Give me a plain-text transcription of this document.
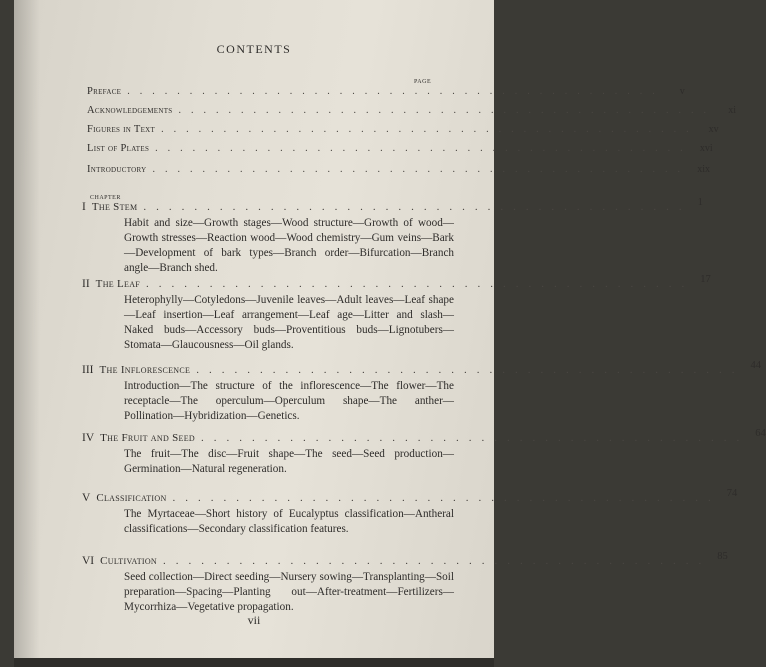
CONTENTS
PAGE
Preface ...........................................	v
Acknowledgements ...........................................	xi
Figures in Text ...........................................	xv
List of Plates ........................................... xvi
Introductory ........................................... xix
CHAPTER
I The Stem ........................................... 1
Habit and size—Growth stages—Wood structure—Growth of wood—Growth stresses—Reaction wood—Wood chemistry—Gum veins—Bark—Development of bark types—Branch order—Bifurcation—Branch angle—Branch shed.
II The Leaf ........................................... 17
Heterophylly—Cotyledons—Juvenile leaves—Adult leaves—Leaf shape—Leaf insertion—Leaf arrangement—Leaf age—Litter and slash—Naked buds—Accessory buds—Proventitious buds—Lignotubers—Stomata—Glaucousness—Oil glands.
III The Inflorescence ........................................... 44
Introduction—The structure of the inflorescence—The flower—The receptacle—The operculum—Operculum shape—The anther—Pollination—Hybridization—Genetics.
IV The Fruit and Seed ........................................... 64
The fruit—The disc—Fruit shape—The seed—Seed production—Germination—Natural regeneration.
V Classification ........................................... 74
The Myrtaceae—Short history of Eucalyptus classification—Antheral classifications—Secondary classification features.
VI Cultivation ........................................... 85
Seed collection—Direct seeding—Nursery sowing—Transplanting—Soil preparation—Spacing—Planting out—After-treatment—Fertilizers—Mycorrhiza—Vegetative propagation.
vii
